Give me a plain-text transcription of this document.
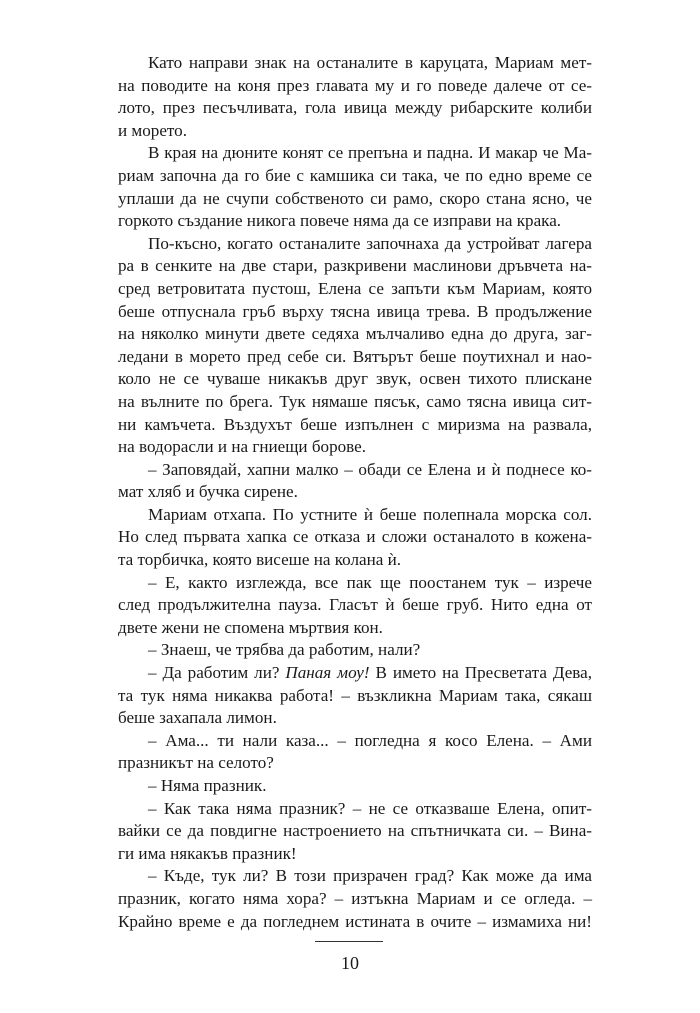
Като направи знак на останалите в каруцата, Мариам мет-
на поводите на коня през главата му и го поведе далече от се-
лото, през песъчливата, гола ивица между рибарските колиби
и морето.
В края на дюните конят се препъна и падна. И макар че Ма-
риам започна да го бие с камшика си така, че по едно време се
уплаши да не счупи собственото си рамо, скоро стана ясно, че
горкото създание никога повече няма да се изправи на крака.
По-късно, когато останалите започнаха да устройват лагера
ра в сенките на две стари, разкривени маслинови дръвчета на-
сред ветровитата пустош, Елена се запъти към Мариам, която
беше отпуснала гръб върху тясна ивица трева. В продължение
на няколко минути двете седяха мълчаливо една до друга, заг-
ледани в морето пред себе си. Вятърът беше поутихнал и нао-
коло не се чуваше никакъв друг звук, освен тихото плискане
на вълните по брега. Тук нямаше пясък, само тясна ивица сит-
ни камъчета. Въздухът беше изпълнен с миризма на развала,
на водорасли и на гниещи борове.
– Заповядай, хапни малко – обади се Елена и ѝ поднесе ко-
мат хляб и бучка сирене.
Мариам отхапа. По устните ѝ беше полепнала морска сол.
Но след първата хапка се отказа и сложи останалото в кожена-
та торбичка, която висеше на колана ѝ.
– Е, както изглежда, все пак ще поостанем тук – изрече
след продължителна пауза. Гласът ѝ беше груб. Нито една от
двете жени не спомена мъртвия кон.
– Знаеш, че трябва да работим, нали?
– Да работим ли? Паная моу! В името на Пресветата Дева,
та тук няма никаква работа! – възкликна Мариам така, сякаш
беше захапала лимон.
– Ама... ти нали каза... – погледна я косо Елена. – Ами
празникът на селото?
– Няма празник.
– Как така няма празник? – не се отказваше Елена, опит-
вайки се да повдигне настроението на спътничката си. – Вина-
ги има някакъв празник!
– Къде, тук ли? В този призрачен град? Как може да има
празник, когато няма хора? – изтъкна Мариам и се огледа. –
Крайно време е да погледнем истината в очите – измамиха ни!
10
